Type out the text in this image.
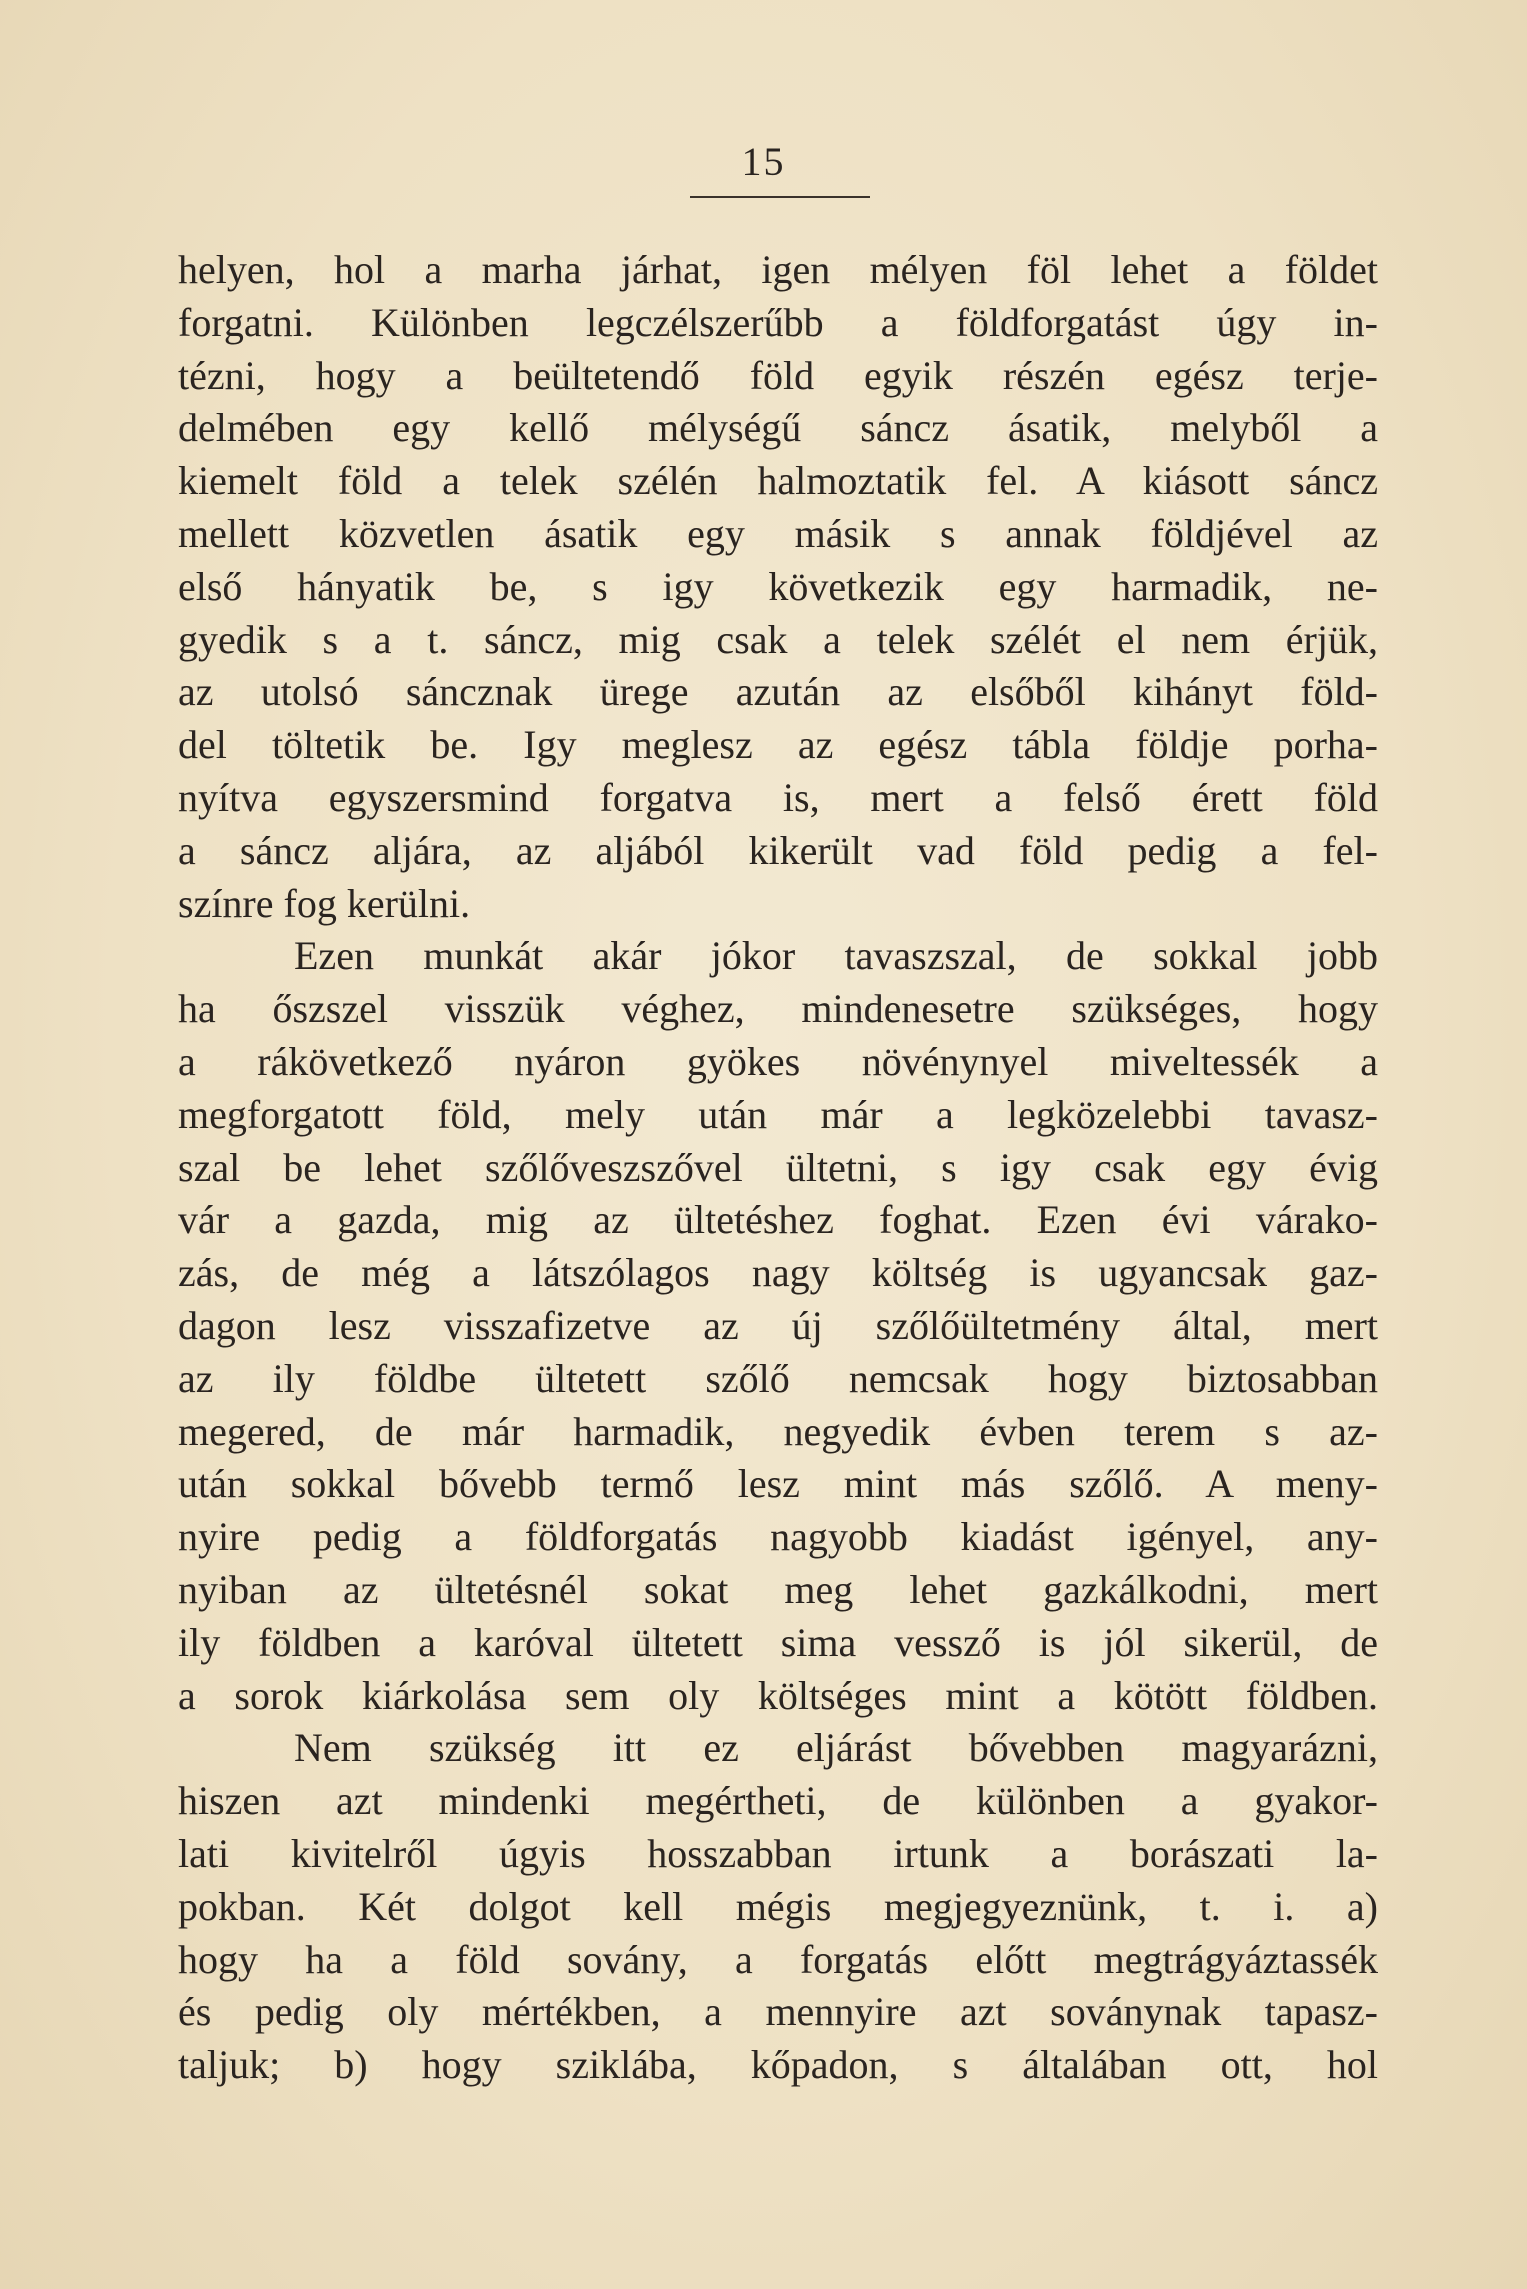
15
helyen, hol a marha járhat, igen mélyen föl lehet a földet
forgatni. Különben legczélszerűbb a földforgatást úgy in-
tézni, hogy a beültetendő föld egyik részén egész terje-
delmében egy kellő mélységű sáncz ásatik, melyből a
kiemelt föld a telek szélén halmoztatik fel. A kiásott sáncz
mellett közvetlen ásatik egy másik s annak földjével az
első hányatik be, s igy következik egy harmadik, ne-
gyedik s a t. sáncz, mig csak a telek szélét el nem érjük,
az utolsó sáncznak ürege azután az elsőből kihányt föld-
del töltetik be. Igy meglesz az egész tábla földje porha-
nyítva egyszersmind forgatva is, mert a felső érett föld
a sáncz aljára, az aljából kikerült vad föld pedig a fel-
színre fog kerülni.
Ezen munkát akár jókor tavaszszal, de sokkal jobb
ha őszszel visszük véghez, mindenesetre szükséges, hogy
a rákövetkező nyáron gyökes növénynyel miveltessék a
megforgatott föld, mely után már a legközelebbi tavasz-
szal be lehet szőlőveszszővel ültetni, s igy csak egy évig
vár a gazda, mig az ültetéshez foghat. Ezen évi várako-
zás, de még a látszólagos nagy költség is ugyancsak gaz-
dagon lesz visszafizetve az új szőlőültetmény által, mert
az ily földbe ültetett szőlő nemcsak hogy biztosabban
megered, de már harmadik, negyedik évben terem s az-
után sokkal bővebb termő lesz mint más szőlő. A meny-
nyire pedig a földforgatás nagyobb kiadást igényel, any-
nyiban az ültetésnél sokat meg lehet gazkálkodni, mert
ily földben a karóval ültetett sima vessző is jól sikerül, de
a sorok kiárkolása sem oly költséges mint a kötött földben.
Nem szükség itt ez eljárást bővebben magyarázni,
hiszen azt mindenki megértheti, de különben a gyakor-
lati kivitelről úgyis hosszabban irtunk a borászati la-
pokban. Két dolgot kell mégis megjegyeznünk, t. i. a)
hogy ha a föld sovány, a forgatás előtt megtrágyáztassék
és pedig oly mértékben, a mennyire azt soványnak tapasz-
taljuk; b) hogy sziklába, kőpadon, s általában ott, hol
